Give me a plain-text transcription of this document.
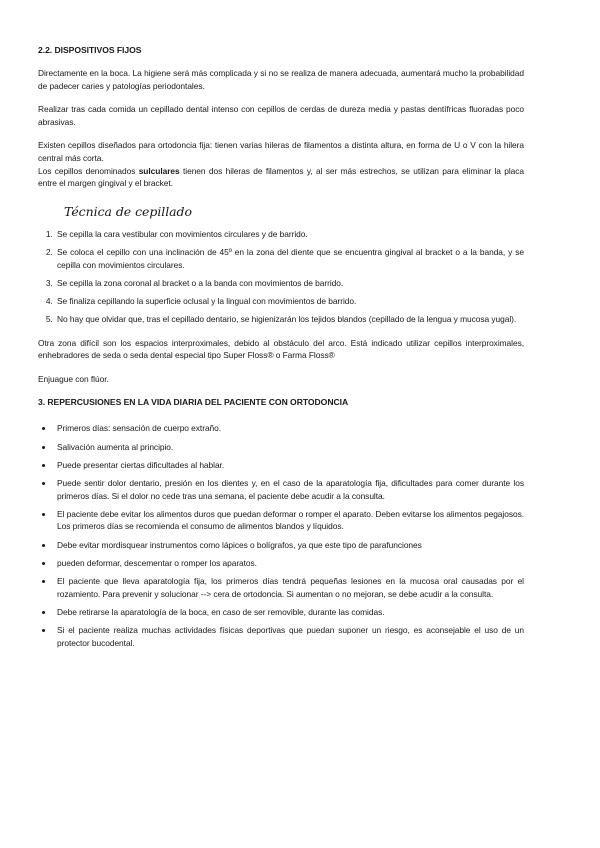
2.2. DISPOSITIVOS FIJOS

Directamente en la boca. La higiene será más complicada y si no se realiza de manera adecuada, aumentará mucho la probabilidad de padecer caries y patologías periodontales.

Realizar tras cada comida un cepillado dental intenso con cepillos de cerdas de dureza media y pastas dentífricas fluoradas poco abrasivas.

Existen cepillos diseñados para ortodoncia fija: tienen varias hileras de filamentos a distinta altura, en forma de U o V con la hilera central más corta.

Los cepillos denominados sulculares tienen dos hileras de filamentos y, al ser más estrechos, se utilizan para eliminar la placa entre el margen gingival y el bracket.

Técnica de cepillado
1. Se cepilla la cara vestibular con movimientos circulares y de barrido.
2. Se coloca el cepillo con una inclinación de 45º en la zona del diente que se encuentra gingival al bracket o a la banda, y se cepilla con movimientos circulares.
3. Se cepilla la zona coronal al bracket o a la banda con movimientos de barrido.
4. Se finaliza cepillando la superficie oclusal y la lingual con movimientos de barrido.
5. No hay que olvidar que, tras el cepillado dentario, se higienizarán los tejidos blandos (cepillado de la lengua y mucosa yugal).

Otra zona difícil son los espacios interproximales, debido al obstáculo del arco. Está indicado utilizar cepillos interproximales, enhebradores de seda o seda dental especial tipo Super Floss® o Farma Floss®

Enjuague con flúor.

3. REPERCUSIONES EN LA VIDA DIARIA DEL PACIENTE CON ORTODONCIA
• Primeros días: sensación de cuerpo extraño.
• Salivación aumenta al principio.
• Puede presentar ciertas dificultades al hablar.
• Puede sentir dolor dentario, presión en los dientes y, en el caso de la aparatología fija, dificultades para comer durante los primeros días. Si el dolor no cede tras una semana, el paciente debe acudir a la consulta.
• El paciente debe evitar los alimentos duros que puedan deformar o romper el aparato. Deben evitarse los alimentos pegajosos. Los primeros días se recomienda el consumo de alimentos blandos y líquidos.
• Debe evitar mordisquear instrumentos como lápices o bolígrafos, ya que este tipo de parafunciones
• pueden deformar, descementar o romper los aparatos.
• El paciente que lleva aparatología fija, los primeros días tendrá pequeñas lesiones en la mucosa oral causadas por el rozamiento. Para prevenir y solucionar --> cera de ortodoncia. Si aumentan o no mejoran, se debe acudir a la consulta.
• Debe retirarse la aparatología de la boca, en caso de ser removible, durante las comidas.
• Si el paciente realiza muchas actividades físicas deportivas que puedan suponer un riesgo, es aconsejable el uso de un protector bucodental.
